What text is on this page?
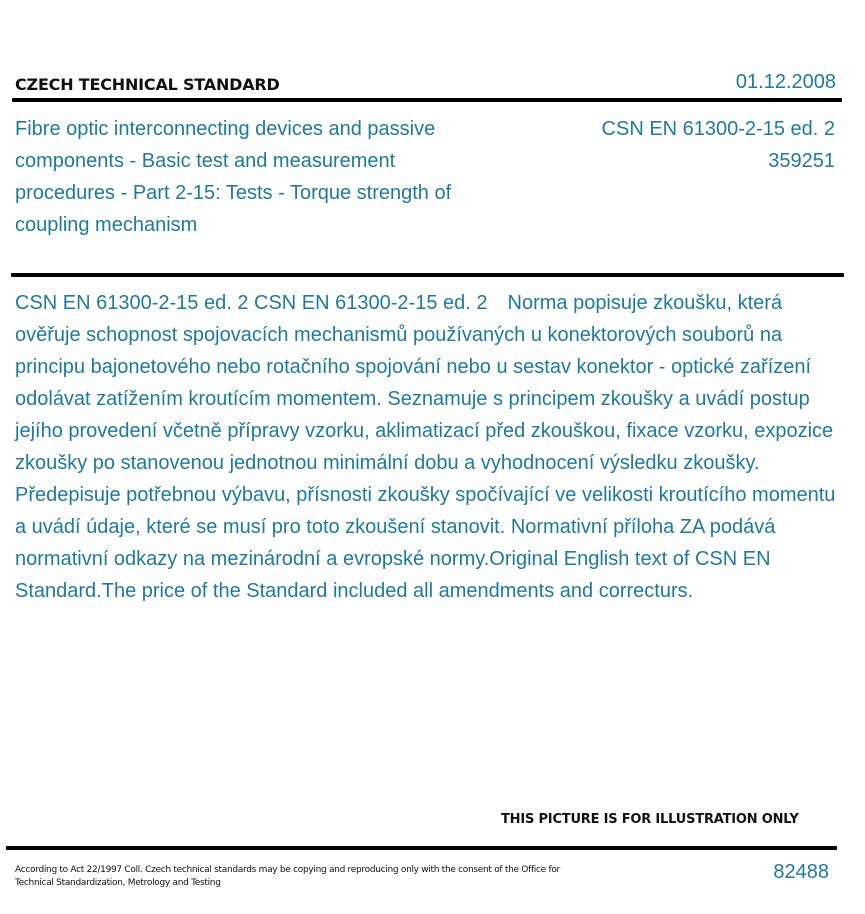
CZECH TECHNICAL STANDARD	01.12.2008
Fibre optic interconnecting devices and passive components - Basic test and measurement procedures - Part 2-15: Tests - Torque strength of coupling mechanism
CSN EN 61300-2-15 ed. 2
359251
CSN EN 61300-2-15 ed. 2 CSN EN 61300-2-15 ed. 2 Norma popisuje zkoušku, která ověřuje schopnost spojovacích mechanismů používaných u konektorových souborů na principu bajonetového nebo rotačního spojování nebo u sestav konektor - optické zařízení odolávat zatížením kroutícím momentem. Seznamuje s principem zkoušky a uvádí postup jejího provedení včetně přípravy vzorku, aklimatizací před zkouškou, fixace vzorku, expozice zkoušky po stanovenou jednotnou minimální dobu a vyhodnocení výsledku zkoušky. Předepisuje potřebnou výbavu, přísnosti zkoušky spočívající ve velikosti kroutícího momentu a uvádí údaje, které se musí pro toto zkoušení stanovit. Normativní příloha ZA podává normativní odkazy na mezinárodní a evropské normy.Original English text of CSN EN Standard.The price of the Standard included all amendments and correcturs.
THIS PICTURE IS FOR ILLUSTRATION ONLY
According to Act 22/1997 Coll. Czech technical standards may be copying and reproducing only with the consent of the Office for Technical Standardization, Metrology and Testing	82488
